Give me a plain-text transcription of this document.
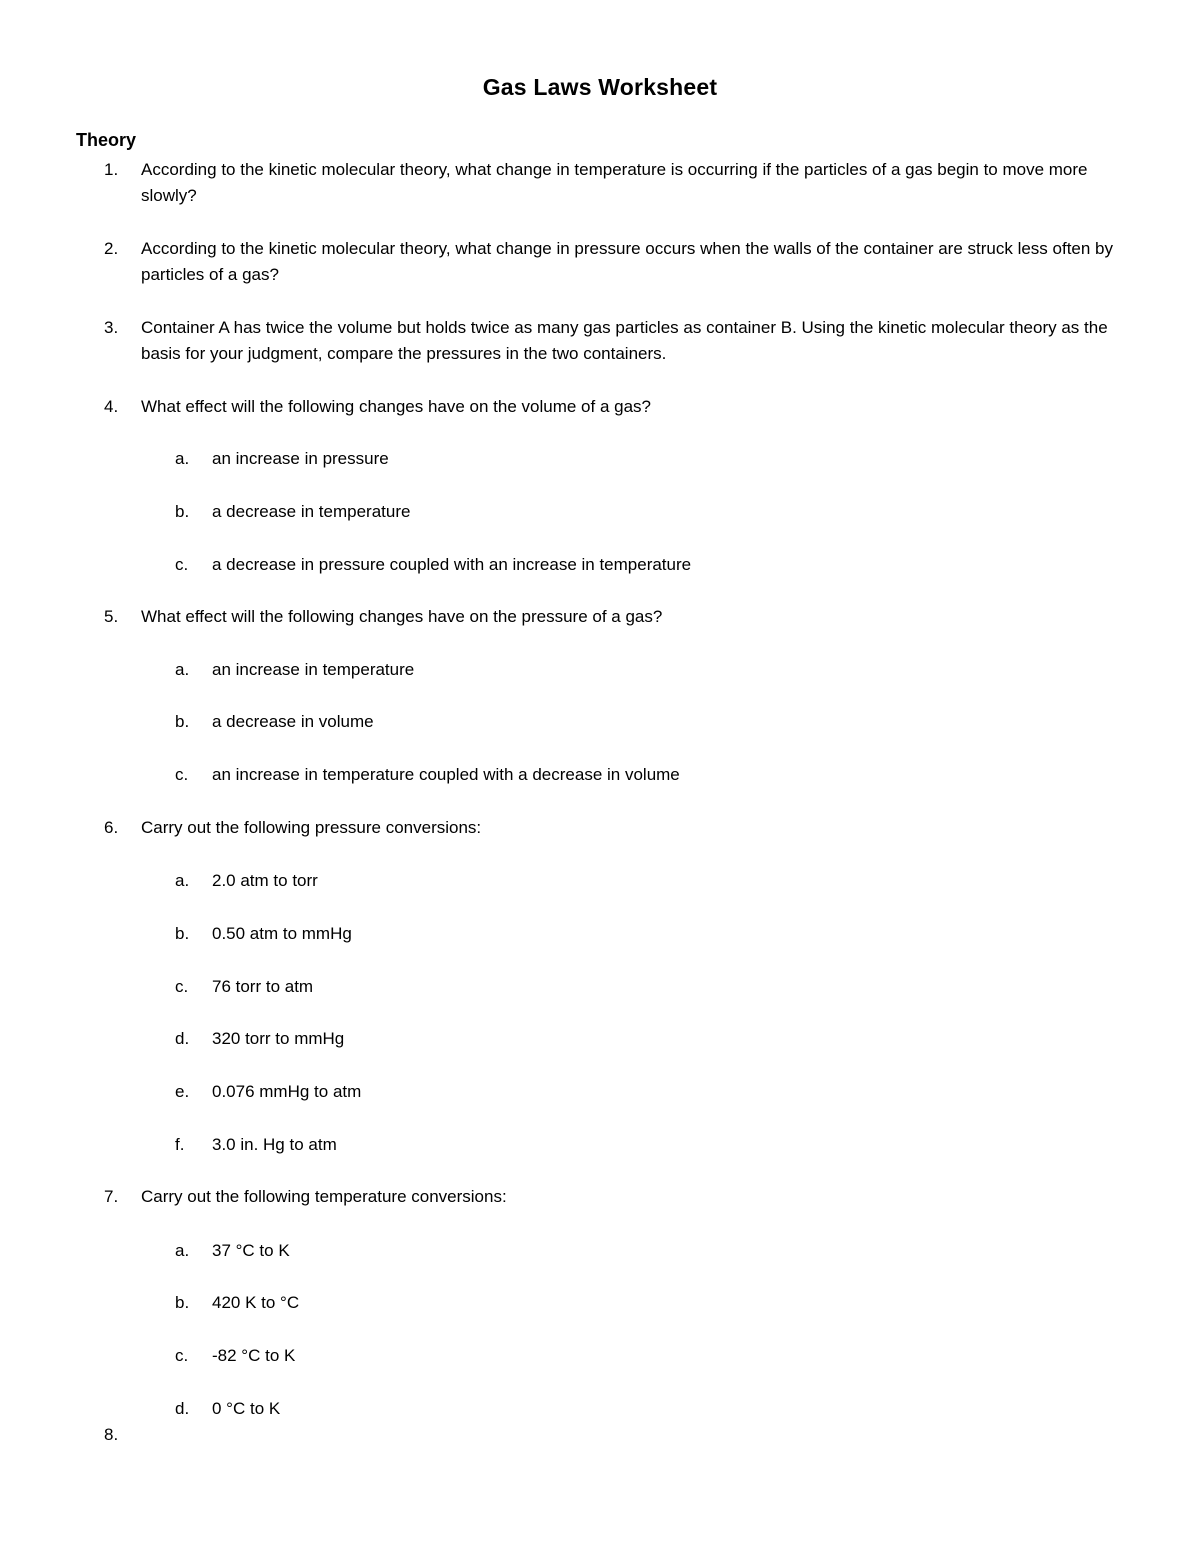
Gas Laws Worksheet
Theory
1. According to the kinetic molecular theory, what change in temperature is occurring if the particles of a gas begin to move more slowly?
2. According to the kinetic molecular theory, what change in pressure occurs when the walls of the container are struck less often by particles of a gas?
3. Container A has twice the volume but holds twice as many gas particles as container B. Using the kinetic molecular theory as the basis for your judgment, compare the pressures in the two containers.
4. What effect will the following changes have on the volume of a gas?
a. an increase in pressure
b. a decrease in temperature
c. a decrease in pressure coupled with an increase in temperature
5. What effect will the following changes have on the pressure of a gas?
a. an increase in temperature
b. a decrease in volume
c. an increase in temperature coupled with a decrease in volume
6. Carry out the following pressure conversions:
a. 2.0 atm to torr
b. 0.50 atm to mmHg
c. 76 torr to atm
d. 320 torr to mmHg
e. 0.076 mmHg to atm
f. 3.0 in. Hg to atm
7. Carry out the following temperature conversions:
a. 37 °C to K
b. 420 K to °C
c. -82 °C to K
d. 0 °C to K
8.
